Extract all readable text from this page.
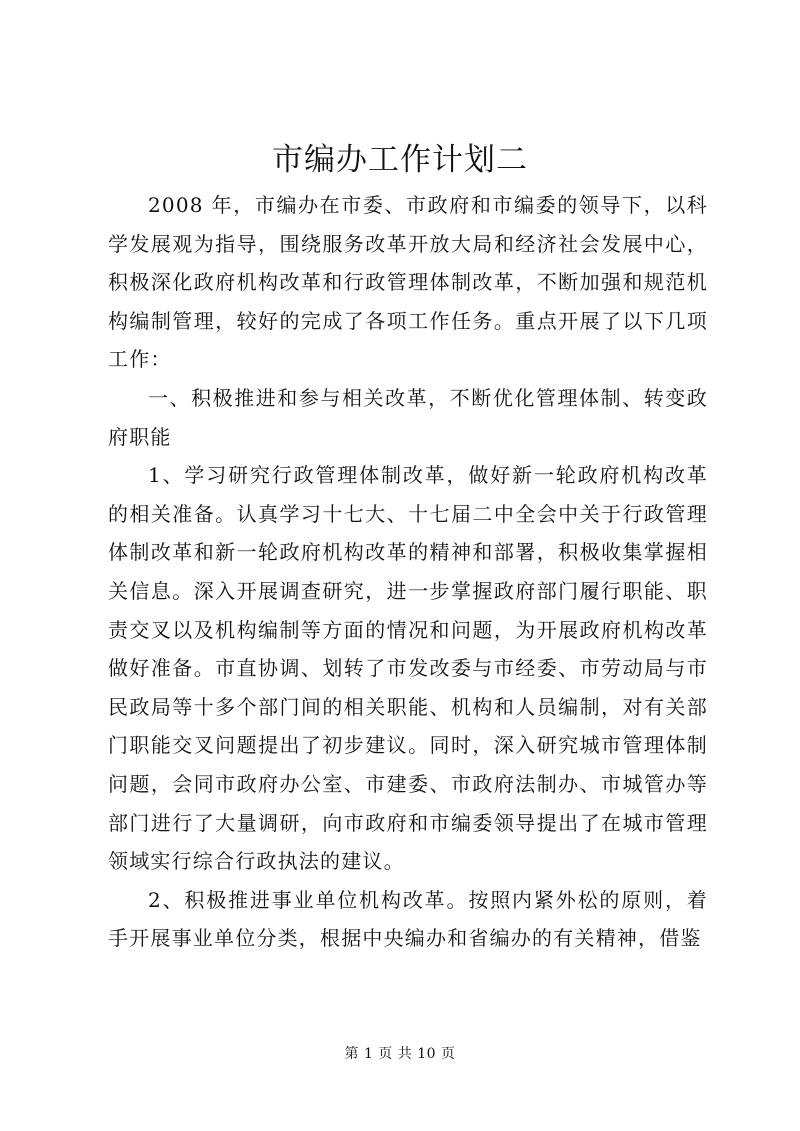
市编办工作计划二

2008 年，市编办在市委、市政府和市编委的领导下，以科学发展观为指导，围绕服务改革开放大局和经济社会发展中心，积极深化政府机构改革和行政管理体制改革，不断加强和规范机构编制管理，较好的完成了各项工作任务。重点开展了以下几项工作：

一、积极推进和参与相关改革，不断优化管理体制、转变政府职能

1、学习研究行政管理体制改革，做好新一轮政府机构改革的相关准备。认真学习十七大、十七届二中全会中关于行政管理体制改革和新一轮政府机构改革的精神和部署，积极收集掌握相关信息。深入开展调查研究，进一步掌握政府部门履行职能、职责交叉以及机构编制等方面的情况和问题，为开展政府机构改革做好准备。市直协调、划转了市发改委与市经委、市劳动局与市民政局等十多个部门间的相关职能、机构和人员编制，对有关部门职能交叉问题提出了初步建议。同时，深入研究城市管理体制问题，会同市政府办公室、市建委、市政府法制办、市城管办等部门进行了大量调研，向市政府和市编委领导提出了在城市管理领域实行综合行政执法的建议。

2、积极推进事业单位机构改革。按照内紧外松的原则，着手开展事业单位分类，根据中央编办和省编办的有关精神，借鉴

第 1 页 共 10 页
